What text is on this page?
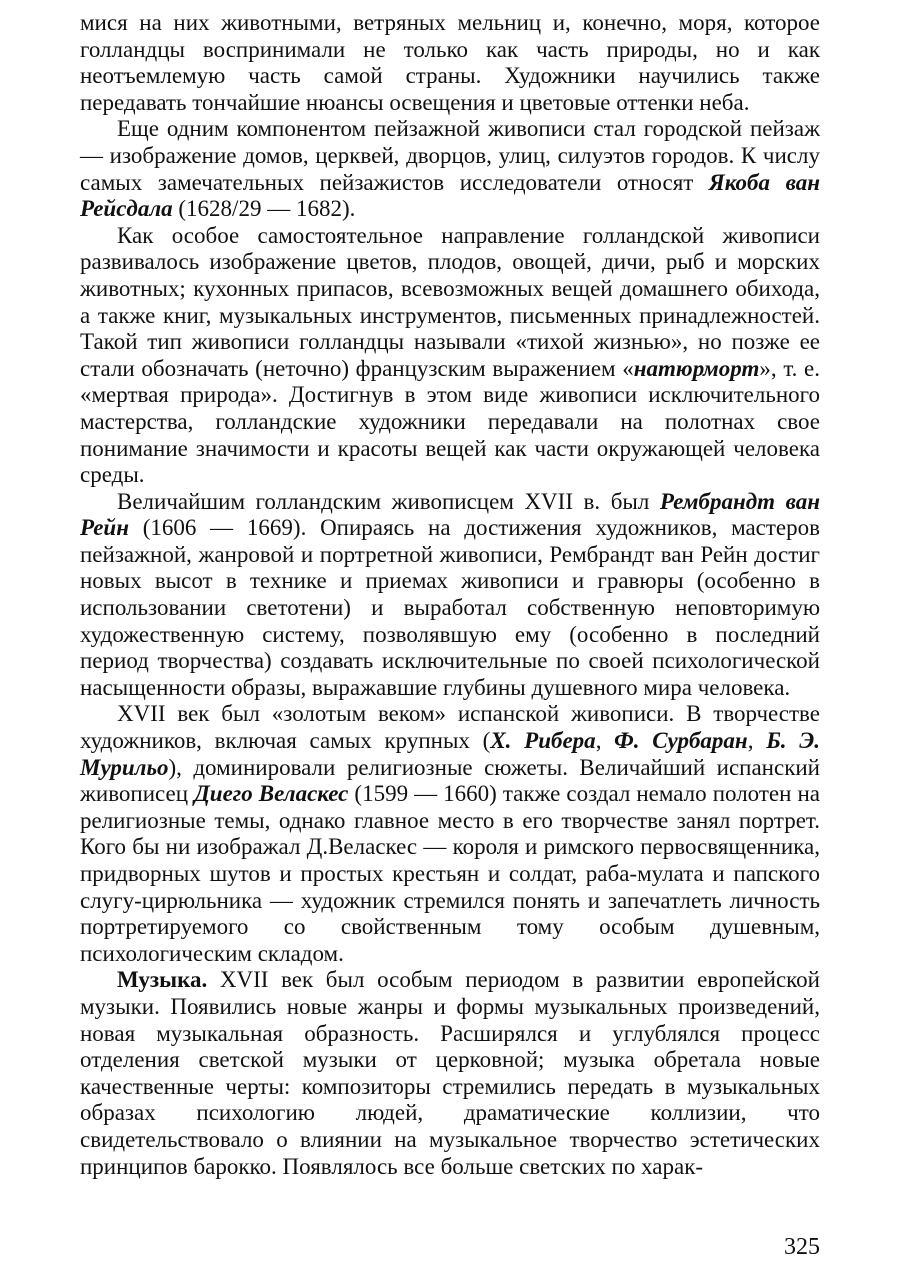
мися на них животными, ветряных мельниц и, конечно, моря, которое голландцы воспринимали не только как часть природы, но и как неотъемлемую часть самой страны. Художники научились также передавать тончайшие нюансы освещения и цветовые оттенки неба.

Еще одним компонентом пейзажной живописи стал городской пейзаж — изображение домов, церквей, дворцов, улиц, силуэтов городов. К числу самых замечательных пейзажистов исследователи относят Якоба ван Рейсдала (1628/29 — 1682).

Как особое самостоятельное направление голландской живописи развивалось изображение цветов, плодов, овощей, дичи, рыб и морских животных; кухонных припасов, всевозможных вещей домашнего обихода, а также книг, музыкальных инструментов, письменных принадлежностей. Такой тип живописи голландцы называли «тихой жизнью», но позже ее стали обозначать (неточно) французским выражением «натюрморт», т. е. «мертвая природа». Достигнув в этом виде живописи исключительного мастерства, голландские художники передавали на полотнах свое понимание значимости и красоты вещей как части окружающей человека среды.

Величайшим голландским живописцем XVII в. был Рембрандт ван Рейн (1606 — 1669). Опираясь на достижения художников, мастеров пейзажной, жанровой и портретной живописи, Рембрандт ван Рейн достиг новых высот в технике и приемах живописи и гравюры (особенно в использовании светотени) и выработал собственную неповторимую художественную систему, позволявшую ему (особенно в последний период творчества) создавать исключительные по своей психологической насыщенности образы, выражавшие глубины душевного мира человека.

XVII век был «золотым веком» испанской живописи. В творчестве художников, включая самых крупных (Х. Рибера, Ф. Сурбаран, Б. Э. Мурильо), доминировали религиозные сюжеты. Величайший испанский живописец Диего Веласкес (1599 — 1660) также создал немало полотен на религиозные темы, однако главное место в его творчестве занял портрет. Кого бы ни изображал Д.Веласкес — короля и римского первосвященника, придворных шутов и простых крестьян и солдат, раба-мулата и папского слугу-цирюльника — художник стремился понять и запечатлеть личность портретируемого со свойственным тому особым душевным, психологическим складом.

Музыка. XVII век был особым периодом в развитии европейской музыки. Появились новые жанры и формы музыкальных произведений, новая музыкальная образность. Расширялся и углублялся процесс отделения светской музыки от церковной; музыка обретала новые качественные черты: композиторы стремились передать в музыкальных образах психологию людей, драматические коллизии, что свидетельствовало о влиянии на музыкальное творчество эстетических принципов барокко. Появлялось все больше светских по харак-

325
